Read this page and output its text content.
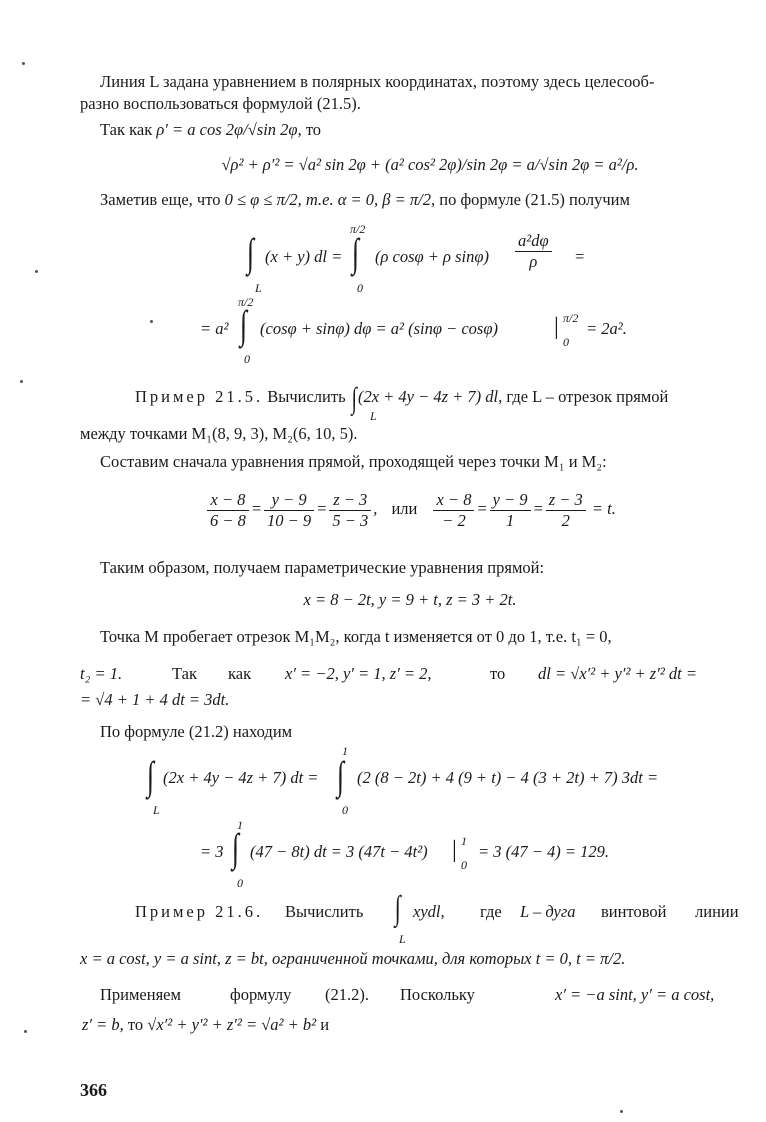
Линия L задана уравнением в полярных координатах, поэтому здесь целесооб-
разно воспользоваться формулой (21.5).
Так как ρ′ = a cos 2φ/√sin 2φ, то
√ρ² + ρ′² = √a² sin 2φ + (a² cos² 2φ)/sin 2φ = a/√sin 2φ = a²/ρ.
Заметив еще, что 0 ≤ φ ≤ π/2, т.е. α = 0, β = π/2, по формуле (21.5) получим
∫
L
(x + y) dl =
π/2
∫
0
(ρ cosφ + ρ $\sin\varphi) \frac{\text{a²dφ}}{\rho}$ =
= a²
π/2
∫
0
(cosφ + sinφ) dφ = a² (sinφ − cosφ) | π/2
0
= 2a².
Пример 21.5. Вычислить ∫(2x + 4y − 4z + 7) dl, где L – отрезок прямой
L
между точками M₁(8, 9, 3), M₂(6, 10, 5).
Составим сначала уравнения прямой, проходящей через точки M₁ и M₂:
$\frac{x - 8}{6 - 8} = \frac{y - 9}{10 - 9} = \frac{z - 3}{5 - 3}$ , или $\frac{x - 8}{- 2} = \frac{y - 9}{1} = \frac{z - 3}{2} = t$.
Таким образом, получаем параметрические уравнения прямой:
x = 8 − 2t, y = 9 + t, z = 3 + 2t.
Точка M пробегает отрезок M₁M₂, когда t изменяется от 0 до 1, т.е. t₁ = 0,
t₂ = 1.	Так как x′ = −2, y′ = 1, z′ = 2,	то dl = √x′² + y′² + z′² dt =
= √4 + 1 + 4 dt = 3dt.
По формуле (21.2) находим
∫
L
(2x + 4y − 4z + 7) dt =
1
∫
0
(2 (8 − 2t) + 4 (9 + t) − 4 (3 + 2t) + 7) 3dt =
= 3
1
∫
0
(47 − 8t) dt = 3 (47t − 4t²) | 1
0
= 3 (47 − 4) = 129.
Пример 21.6. Вычислить ∫
L
xydl, где L – дуга винтовой линии
x = a cost, y = a sint, z = bt, ограниченной точками, для которых t = 0, t = π/2.
Применяем	формулу (21.2). Поскольку	x′ = −a sint, y′ = a cost,
z′ = b, то √x′² + y′² + z′² = √a² + b² и
366
